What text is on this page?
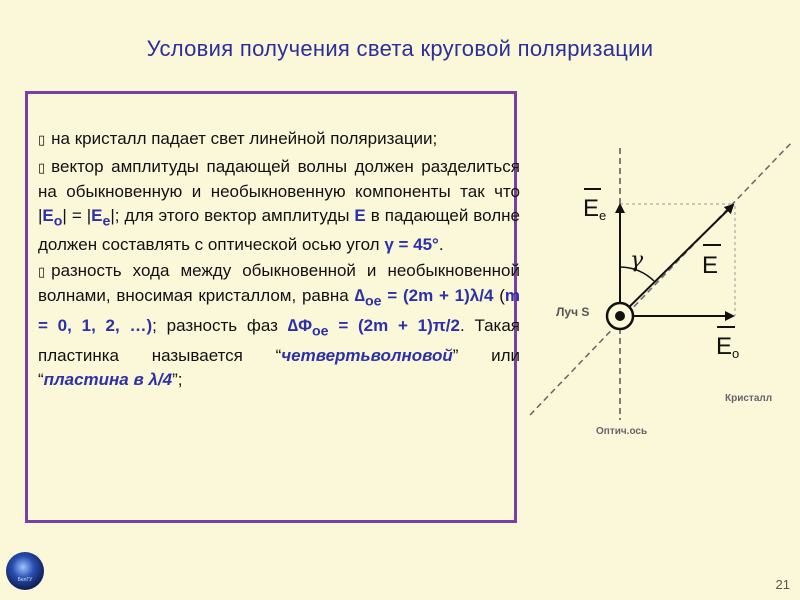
Условия получения света круговой поляризации

▯ на кристалл падает свет линейной поляризации;

▯ вектор амплитуды падающей волны должен разделиться на обыкновенную и необыкновенную компоненты так что $|E_o| = |E_e|$; для этого вектор амплитуды E в падающей волне должен составлять с оптической осью угол γ = 45°.

▯ разность хода между обыкновенной и необыкновенной волнами, вносимая кристаллом, равна $\Delta_{oe} = (2m + 1)\lambda/4$ (m = 0, 1, 2, …); разность фаз $\Delta\Phi_{oe} = (2m + 1)\pi/2$. Такая пластинка называется “четвертьволновой” или “пластина в λ/4”;

Ee
E
Eo
γ
Луч S
Кристалл
Оптич.ось
БелГУ	21
